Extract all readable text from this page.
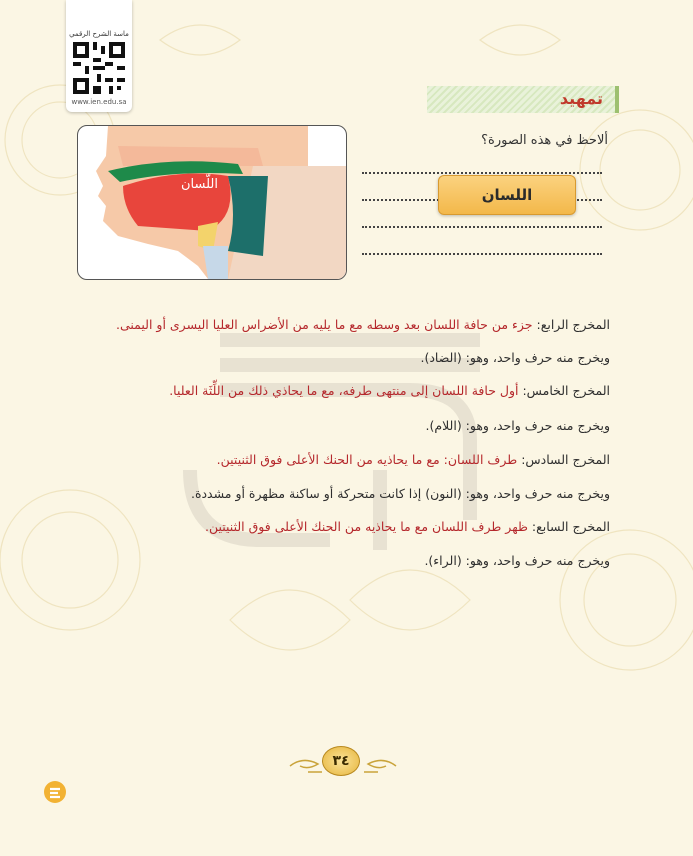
ماسة الشرح الرقمي
www.ien.edu.sa	تمهيد
اللّسان
ألاحظ في هذه الصورة؟
اللسان
المخرج الرابع: جزء من حافة اللسان بعد وسطه مع ما يليه من الأضراس العليا اليسرى أو اليمنى.
ويخرج منه حرف واحد، وهو: (الضاد).
المخرج الخامس: أول حافة اللسان إلى منتهى طرفه، مع ما يحاذي ذلك من اللِّثَة العليا.
ويخرج منه حرف واحد، وهو: (اللام).
المخرج السادس: طرف اللسان: مع ما يحاذيه من الحنك الأعلى فوق الثنيتين.
ويخرج منه حرف واحد، وهو: (النون) إذا كانت متحركة أو ساكنة مظهرة أو مشددة.
المخرج السابع: ظهر طرف اللسان مع ما يحاذيه من الحنك الأعلى فوق الثنيتين.
ويخرج منه حرف واحد، وهو: (الراء).
٣٤
